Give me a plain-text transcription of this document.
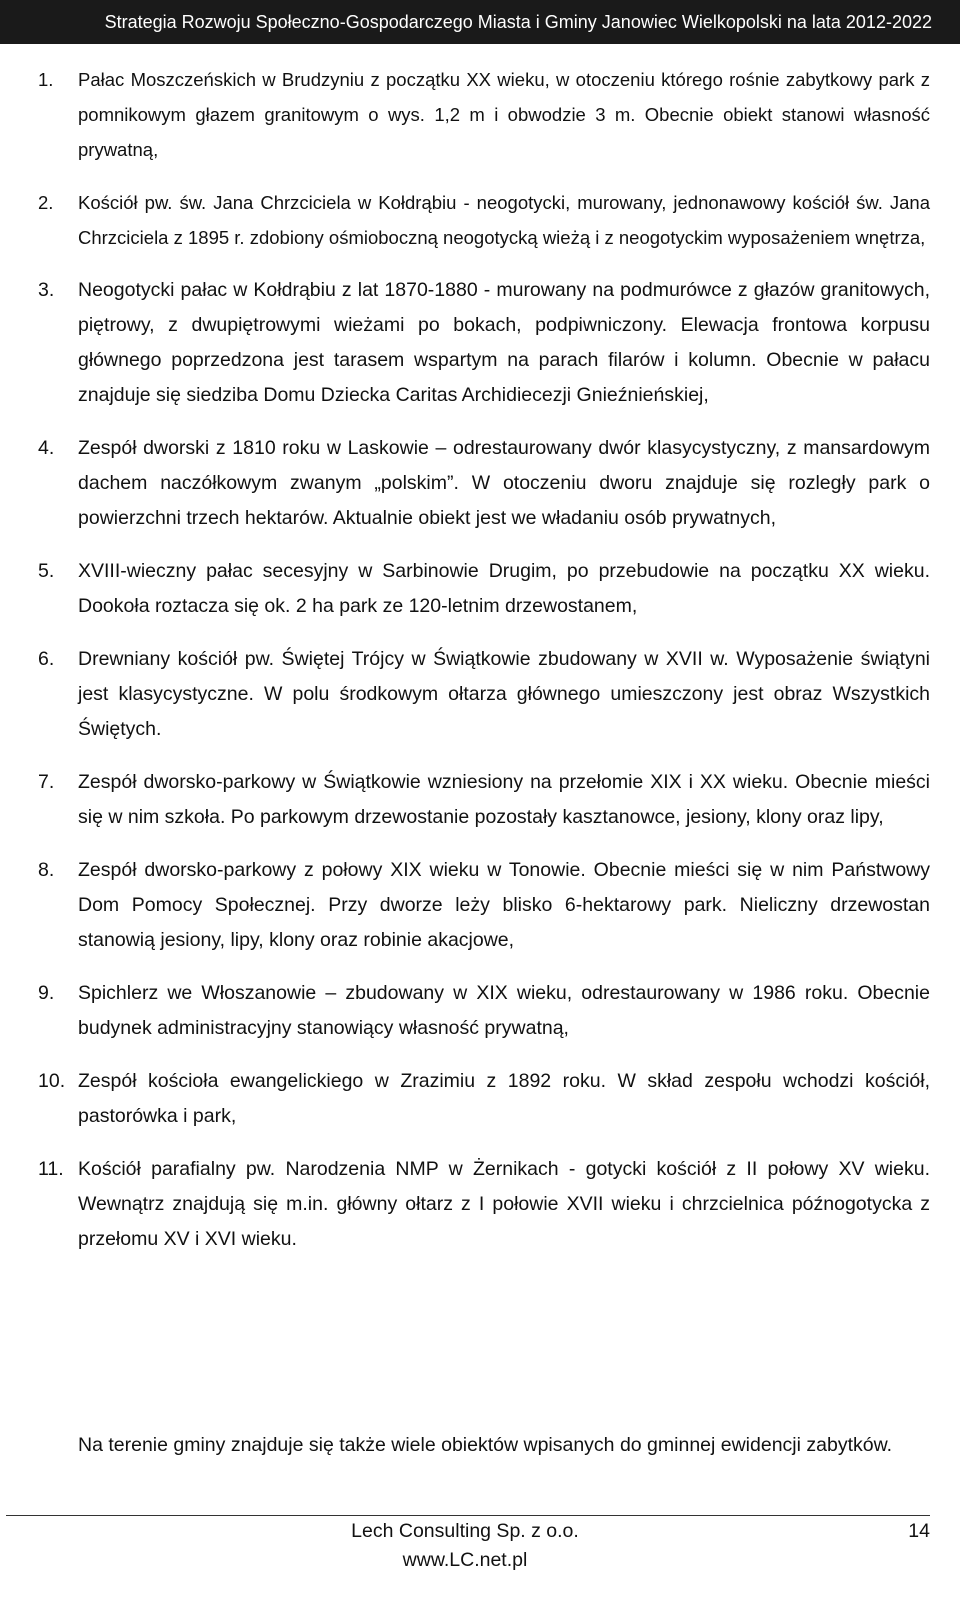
Strategia Rozwoju Społeczno-Gospodarczego Miasta i Gminy Janowiec Wielkopolski na lata 2012-2022
1. Pałac Moszczeńskich w Brudzyniu z początku XX wieku, w otoczeniu którego rośnie zabytkowy park z pomnikowym głazem granitowym o wys. 1,2 m i obwodzie 3 m. Obecnie obiekt stanowi własność prywatną,
2. Kościół pw. św. Jana Chrzciciela w Kołdrąbiu - neogotycki, murowany, jednonawowy kościół św. Jana Chrzciciela z 1895 r. zdobiony ośmioboczną neogotycką wieżą i z neogotyckim wyposażeniem wnętrza,
3. Neogotycki pałac w Kołdrąbiu z lat 1870-1880 - murowany na podmurówce z głazów granitowych, piętrowy, z dwupiętrowymi wieżami po bokach, podpiwniczony. Elewacja frontowa korpusu głównego poprzedzona jest tarasem wspartym na parach filarów i kolumn. Obecnie w pałacu znajduje się siedziba Domu Dziecka Caritas Archidiecezji Gnieźnieńskiej,
4. Zespół dworski z 1810 roku w Laskowie – odrestaurowany dwór klasycystyczny, z mansardowym dachem naczółkowym zwanym „polskim”. W otoczeniu dworu znajduje się rozległy park o powierzchni trzech hektarów. Aktualnie obiekt jest we władaniu osób prywatnych,
5. XVIII-wieczny pałac secesyjny w Sarbinowie Drugim, po przebudowie na początku XX wieku. Dookoła roztacza się ok. 2 ha park ze 120-letnim drzewostanem,
6. Drewniany kościół pw. Świętej Trójcy w Świątkowie zbudowany w XVII w. Wyposażenie świątyni jest klasycystyczne. W polu środkowym ołtarza głównego umieszczony jest obraz Wszystkich Świętych.
7. Zespół dworsko-parkowy w Świątkowie wzniesiony na przełomie XIX i XX wieku. Obecnie mieści się w nim szkoła. Po parkowym drzewostanie pozostały kasztanowce, jesiony, klony oraz lipy,
8. Zespół dworsko-parkowy z połowy XIX wieku w Tonowie. Obecnie mieści się w nim Państwowy Dom Pomocy Społecznej. Przy dworze leży blisko 6-hektarowy park. Nieliczny drzewostan stanowią jesiony, lipy, klony oraz robinie akacjowe,
9. Spichlerz we Włoszanowie – zbudowany w XIX wieku, odrestaurowany w 1986 roku. Obecnie budynek administracyjny stanowiący własność prywatną,
10. Zespół kościoła ewangelickiego w Zrazimiu z 1892 roku. W skład zespołu wchodzi kościół, pastorówka i park,
11. Kościół parafialny pw. Narodzenia NMP w Żernikach - gotycki kościół z II połowy XV wieku. Wewnątrz znajdują się m.in. główny ołtarz z I połowie XVII wieku i chrzcielnica późnogotycka z przełomu XV i XVI wieku.

Na terenie gminy znajduje się także wiele obiektów wpisanych do gminnej ewidencji zabytków.

Lech Consulting Sp. z o.o.	14
www.LC.net.pl
